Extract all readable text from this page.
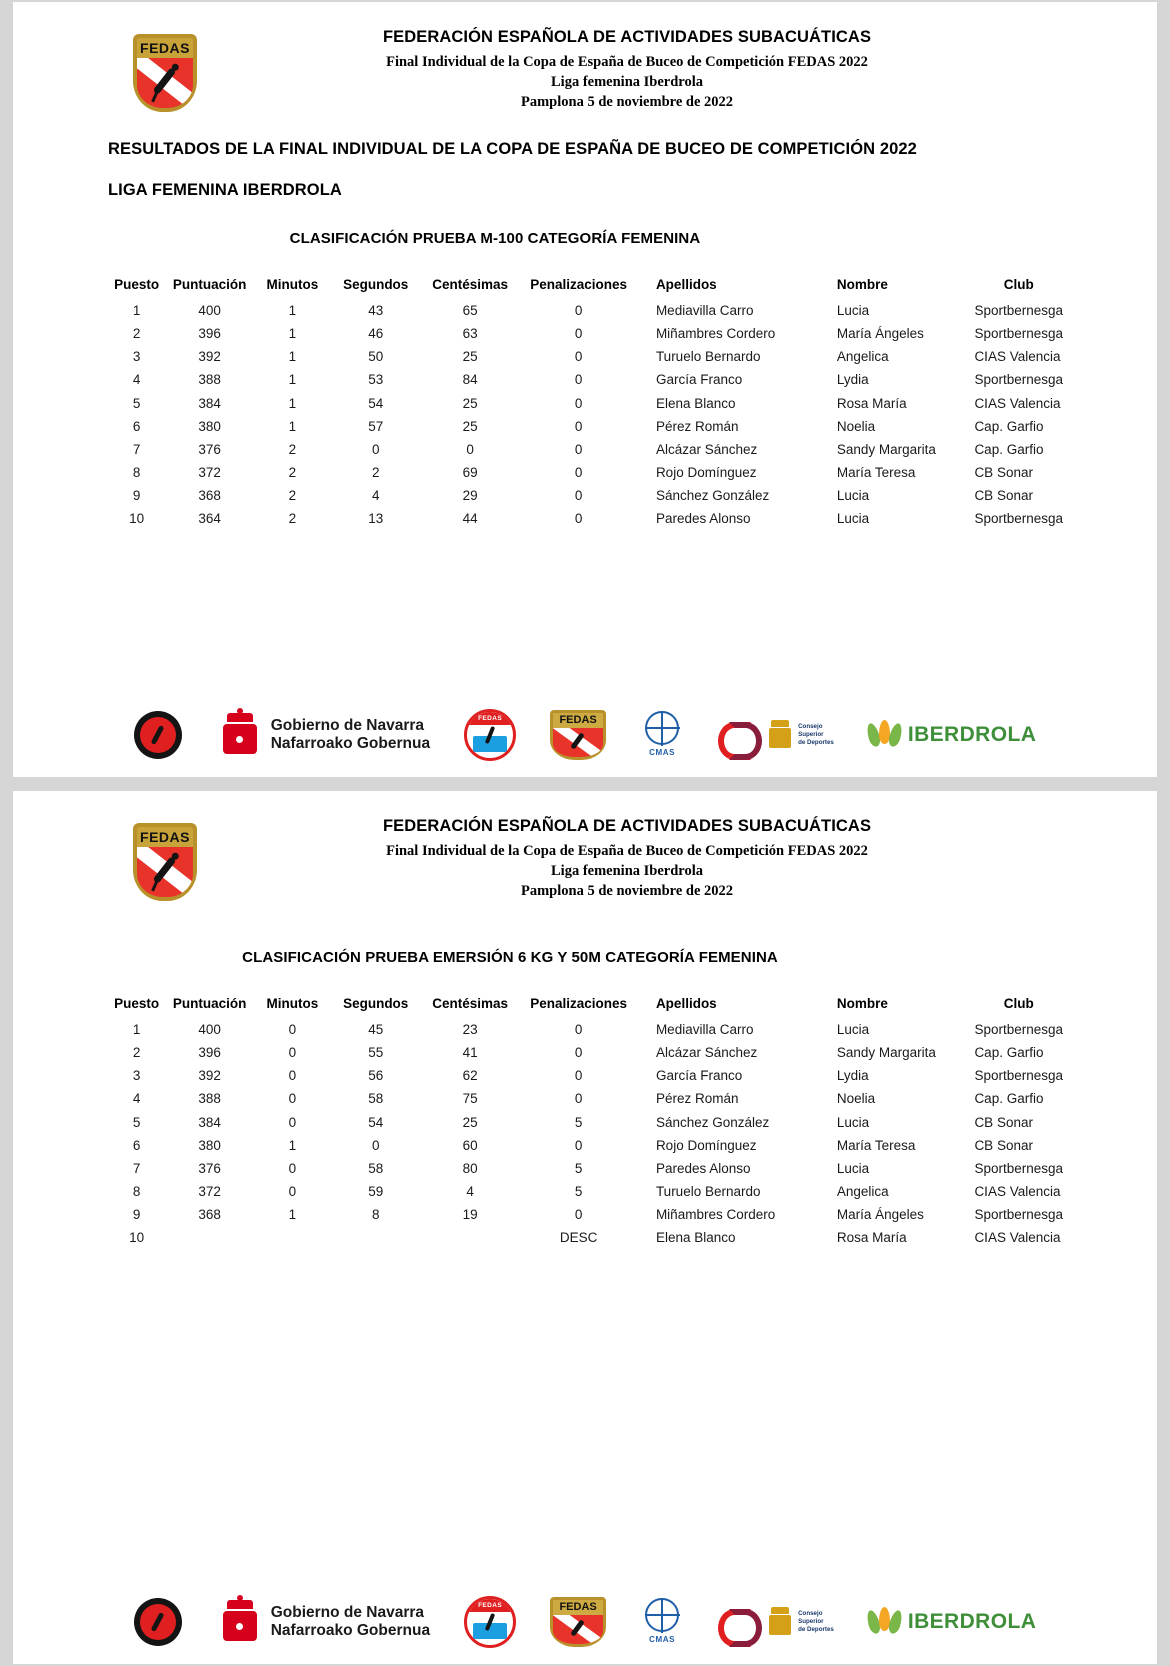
FEDAS
FEDERACIÓN ESPAÑOLA DE ACTIVIDADES SUBACUÁTICAS
Final Individual de la Copa de España de Buceo de Competición FEDAS 2022
Liga femenina Iberdrola
Pamplona 5 de noviembre de 2022
RESULTADOS DE LA FINAL INDIVIDUAL DE LA COPA DE ESPAÑA DE BUCEO DE COMPETICIÓN 2022
LIGA FEMENINA IBERDROLA
CLASIFICACIÓN PRUEBA M-100 CATEGORÍA FEMENINA
Puesto	Puntuación	Minutos	Segundos	Centésimas	Penalizaciones	Apellidos	Nombre	Club
1	400	1	43	65	0	Mediavilla Carro	Lucia	Sportbernesga
2	396	1	46	63	0	Miñambres Cordero	María Ángeles	Sportbernesga
3	392	1	50	25	0	Turuelo Bernardo	Angelica	CIAS Valencia
4	388	1	53	84	0	García Franco	Lydia	Sportbernesga
5	384	1	54	25	0	Elena Blanco	Rosa María	CIAS Valencia
6	380	1	57	25	0	Pérez Román	Noelia	Cap. Garfio
7	376	2	0	0	0	Alcázar Sánchez	Sandy Margarita	Cap. Garfio
8	372	2	2	69	0	Rojo Domínguez	María Teresa	CB Sonar
9	368	2	4	29	0	Sánchez González	Lucia	CB Sonar
10	364	2	13	44	0	Paredes Alonso	Lucia	Sportbernesga
Gobierno de Navarra
Nafarroako Gobernua
FEDAS	FEDAS
CMAS
Consejo
Superior
de Deportes	IBERDROLA
FEDAS
FEDERACIÓN ESPAÑOLA DE ACTIVIDADES SUBACUÁTICAS
Final Individual de la Copa de España de Buceo de Competición FEDAS 2022
Liga femenina Iberdrola
Pamplona 5 de noviembre de 2022
CLASIFICACIÓN PRUEBA EMERSIÓN 6 KG Y 50M CATEGORÍA FEMENINA
Puesto	Puntuación	Minutos	Segundos	Centésimas	Penalizaciones	Apellidos	Nombre	Club
1	400	0	45	23	0	Mediavilla Carro	Lucia	Sportbernesga
2	396	0	55	41	0	Alcázar Sánchez	Sandy Margarita	Cap. Garfio
3	392	0	56	62	0	García Franco	Lydia	Sportbernesga
4	388	0	58	75	0	Pérez Román	Noelia	Cap. Garfio
5	384	0	54	25	5	Sánchez González	Lucia	CB Sonar
6	380	1	0	60	0	Rojo Domínguez	María Teresa	CB Sonar
7	376	0	58	80	5	Paredes Alonso	Lucia	Sportbernesga
8	372	0	59	4	5	Turuelo Bernardo	Angelica	CIAS Valencia
9	368	1	8	19	0	Miñambres Cordero	María Ángeles	Sportbernesga
10					DESC	Elena Blanco	Rosa María	CIAS Valencia
Gobierno de Navarra
Nafarroako Gobernua
FEDAS	FEDAS
CMAS
Consejo
Superior
de Deportes	IBERDROLA
